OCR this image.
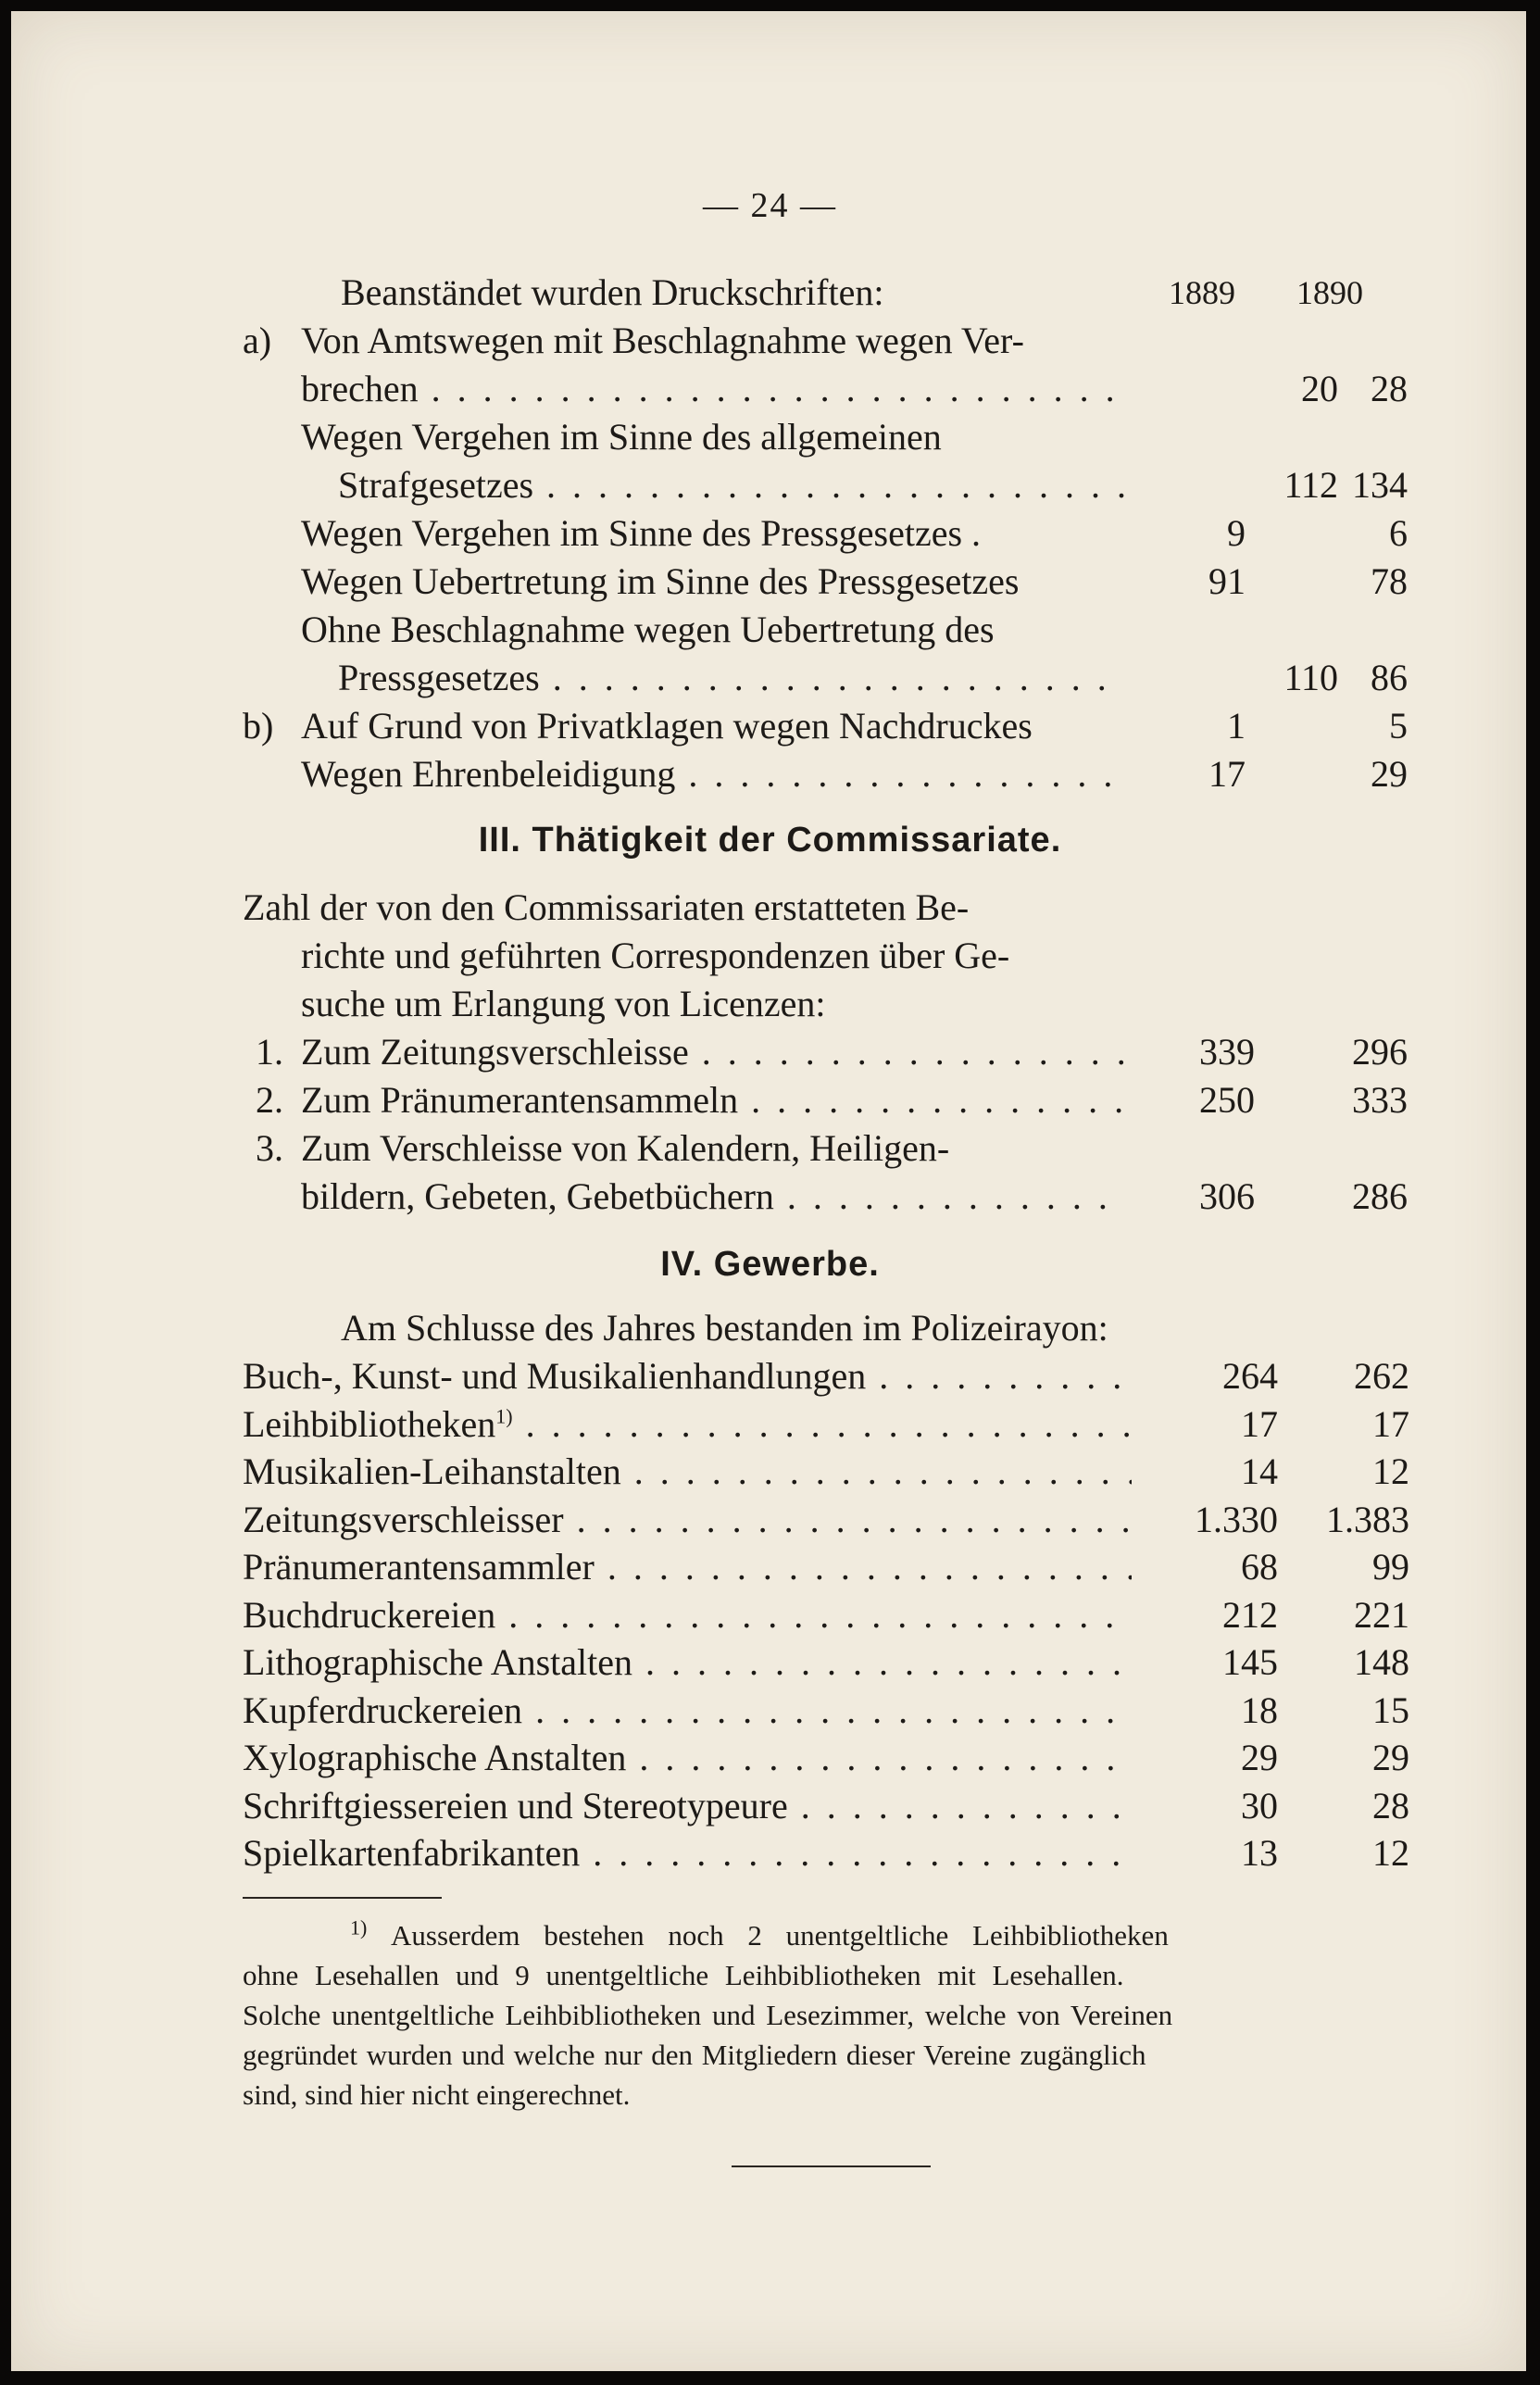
— 24 —
Beanständet wurden Druckschriften:	1889 1890
a) Von Amtswegen mit Beschlagnahme wegen Ver-
brechen . . .	20 28
Wegen Vergehen im Sinne des allgemeinen
Strafgesetzes . . .	112 134
Wegen Vergehen im Sinne des Pressgesetzes .	9	6
Wegen Uebertretung im Sinne des Pressgesetzes	91	78
Ohne Beschlagnahme wegen Uebertretung des
Pressgesetzes . . .	110 86
b) Auf Grund von Privatklagen wegen Nachdruckes	1	5
Wegen Ehrenbeleidigung . . .	17	29
III. Thätigkeit der Commissariate.
Zahl der von den Commissariaten erstatteten Be-
richte und geführten Correspondenzen über Ge-
suche um Erlangung von Licenzen:
1. Zum Zeitungsverschleisse . . .	339	296
2. Zum Pränumerantensammeln . . .	250	333
3. Zum Verschleisse von Kalendern, Heiligen-
bildern, Gebeten, Gebetbüchern . . .	306	286
IV. Gewerbe.
Am Schlusse des Jahres bestanden im Polizeirayon:
Buch-, Kunst- und Musikalienhandlungen . . .	264	262
Leihbibliotheken$^{1)}$ . . .	17	17
Musikalien-Leihanstalten . . .	14	12
Zeitungsverschleisser . . .	1.330	1.383
Pränumerantensammler . . .	68	99
Buchdruckereien . . .	212	221
Lithographische Anstalten . . .	145	148
Kupferdruckereien . . .	18	15
Xylographische Anstalten . . .	29	29
Schriftgiessereien und Stereotypeure . . .	30	28
Spielkartenfabrikanten . . .	13	12
$^{1)}$ Ausserdem bestehen noch 2 unentgeltliche Leihbibliotheken
ohne Lesehallen und 9 unentgeltliche Leihbibliotheken mit Lesehallen.
Solche unentgeltliche Leihbibliotheken und Lesezimmer, welche von Vereinen
gegründet wurden und welche nur den Mitgliedern dieser Vereine zugänglich
sind, sind hier nicht eingerechnet.
